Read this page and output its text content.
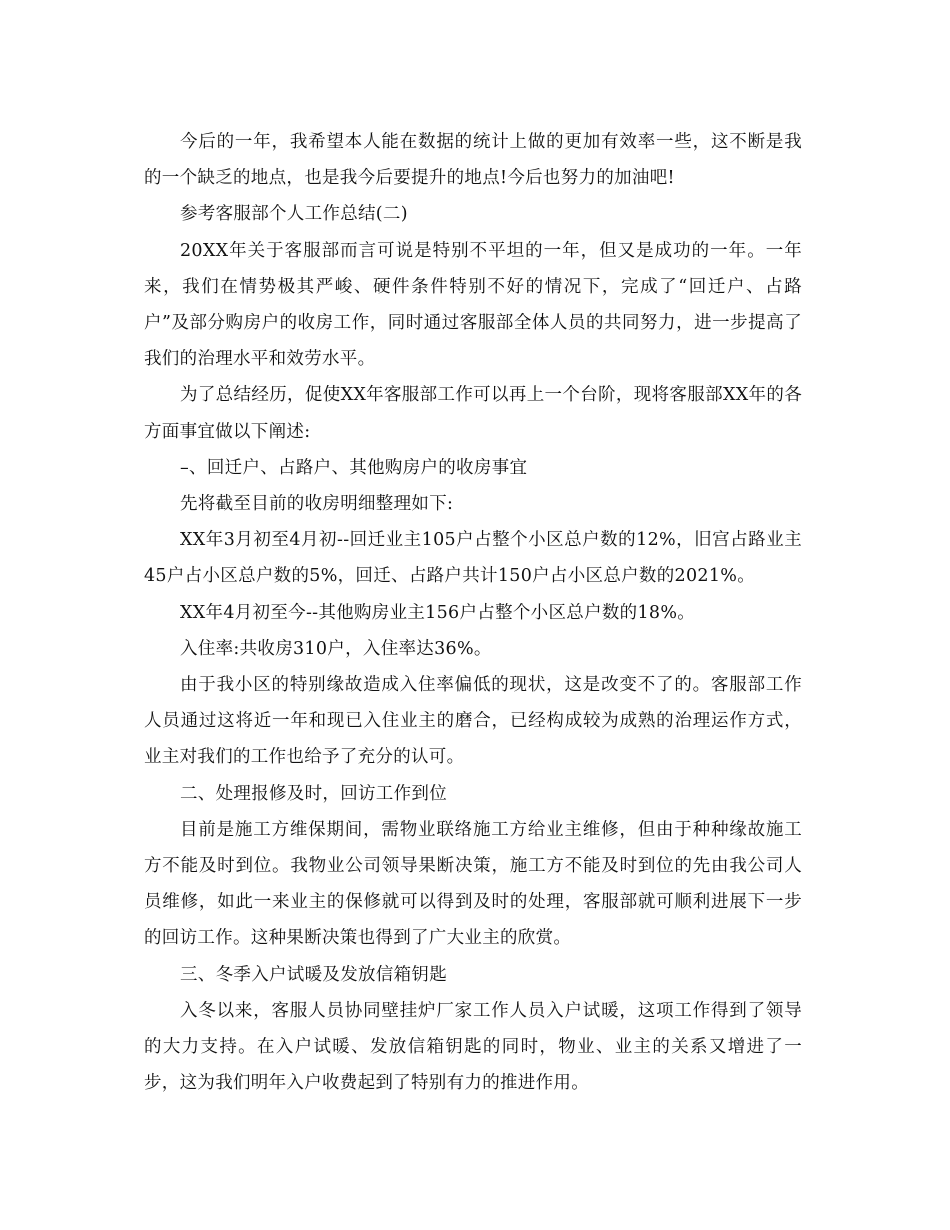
今后的一年，我希望本人能在数据的统计上做的更加有效率一些，这不断是我的一个缺乏的地点，也是我今后要提升的地点!今后也努力的加油吧!

参考客服部个人工作总结(二)

20XX年关于客服部而言可说是特别不平坦的一年，但又是成功的一年。一年来，我们在情势极其严峻、硬件条件特别不好的情况下，完成了“回迁户、占路户”及部分购房户的收房工作，同时通过客服部全体人员的共同努力，进一步提高了我们的治理水平和效劳水平。

为了总结经历，促使XX年客服部工作可以再上一个台阶，现将客服部XX年的各方面事宜做以下阐述:

–、回迁户、占路户、其他购房户的收房事宜

先将截至目前的收房明细整理如下:

XX年3月初至4月初--回迁业主105户占整个小区总户数的12%，旧宫占路业主45户占小区总户数的5%，回迁、占路户共计150户占小区总户数的2021%。

XX年4月初至今--其他购房业主156户占整个小区总户数的18%。

入住率:共收房310户，入住率达36%。

由于我小区的特别缘故造成入住率偏低的现状，这是改变不了的。客服部工作人员通过这将近一年和现已入住业主的磨合，已经构成较为成熟的治理运作方式，业主对我们的工作也给予了充分的认可。

二、处理报修及时，回访工作到位

目前是施工方维保期间，需物业联络施工方给业主维修，但由于种种缘故施工方不能及时到位。我物业公司领导果断决策，施工方不能及时到位的先由我公司人员维修，如此一来业主的保修就可以得到及时的处理，客服部就可顺利进展下一步的回访工作。这种果断决策也得到了广大业主的欣赏。

三、冬季入户试暖及发放信箱钥匙

入冬以来，客服人员协同壁挂炉厂家工作人员入户试暖，这项工作得到了领导的大力支持。在入户试暖、发放信箱钥匙的同时，物业、业主的关系又增进了一步，这为我们明年入户收费起到了特别有力的推进作用。
